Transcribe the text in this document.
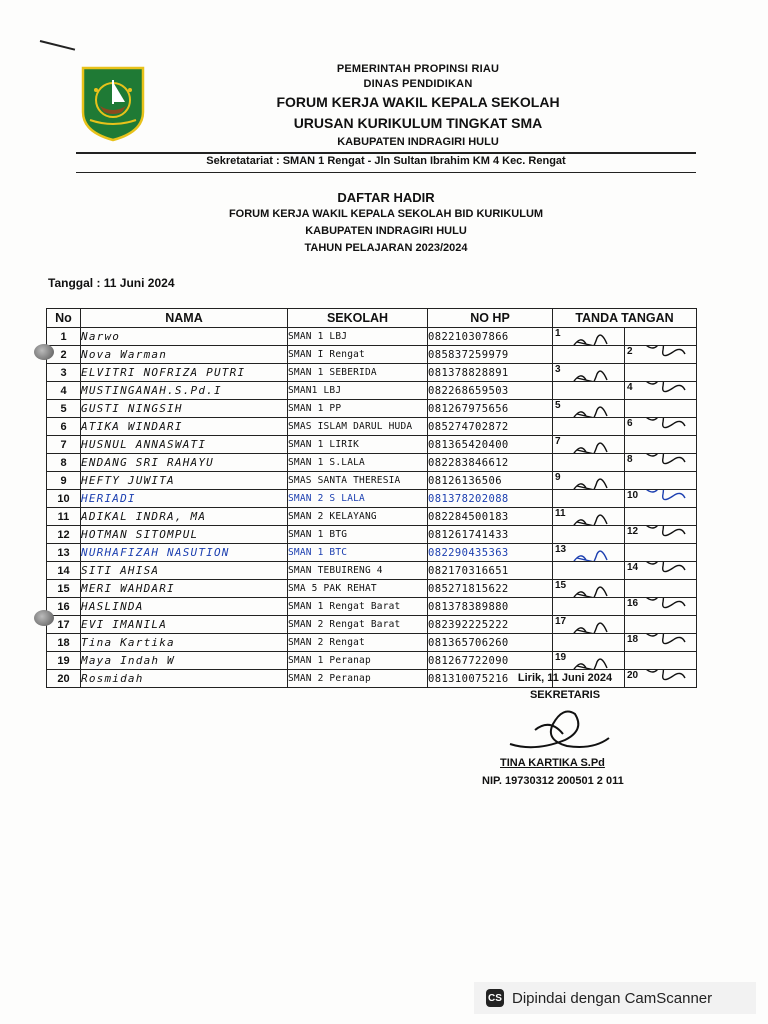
PEMERINTAH PROPINSI RIAU
DINAS PENDIDIKAN
FORUM KERJA WAKIL KEPALA SEKOLAH
URUSAN KURIKULUM TINGKAT SMA
KABUPATEN INDRAGIRI HULU
Sekretatariat : SMAN 1 Rengat - Jln Sultan Ibrahim KM 4 Kec. Rengat
DAFTAR HADIR
FORUM KERJA WAKIL KEPALA SEKOLAH BID KURIKULUM
KABUPATEN INDRAGIRI HULU
TAHUN PELAJARAN 2023/2024
Tanggal : 11 Juni 2024
No	NAMA	SEKOLAH	NO HP	TANDA TANGAN	
1	Narwo	SMAN 1 LBJ	082210307866	1	

2	Nova Warman	SMAN I Rengat	085837259979		2

3	ELVITRI NOFRIZA PUTRI	SMAN 1 SEBERIDA	081378828891	3	

4	MUSTINGANAH.S.Pd.I	SMAN1 LBJ	082268659503		4

5	GUSTI NINGSIH	SMAN 1 PP	081267975656	5	

6	ATIKA WINDARI	SMAS ISLAM DARUL HUDA	085274702872		6

7	HUSNUL ANNASWATI	SMAN 1 LIRIK	081365420400	7	

8	ENDANG SRI RAHAYU	SMAN 1 S.LALA	082283846612		8

9	HEFTY JUWITA	SMAS SANTA THERESIA	08126136506	9	

10	HERIADI	SMAN 2 S LALA	081378202088		10

11	ADIKAL INDRA, MA	SMAN 2 KELAYANG	082284500183	11	

12	HOTMAN SITOMPUL	SMAN 1 BTG	081261741433		12

13	NURHAFIZAH NASUTION	SMAN 1 BTC	082290435363	13	

14	SITI AHISA	SMAN TEBUIRENG 4	082170316651		14

15	MERI WAHDARI	SMA 5 PAK REHAT	085271815622	15	

16	HASLINDA	SMAN 1 Rengat Barat	081378389880		16

17	EVI IMANILA	SMAN 2 Rengat Barat	082392225222	17	

18	Tina Kartika	SMAN 2 Rengat	081365706260		18

19	Maya Indah W	SMAN 1 Peranap	081267722090	19	

20	Rosmidah	SMAN 2 Peranap	081310075216		20
Lirik, 11 Juni 2024
SEKRETARIS
TINA KARTIKA S.Pd
NIP. 19730312 200501 2 011
CS Dipindai dengan CamScanner
